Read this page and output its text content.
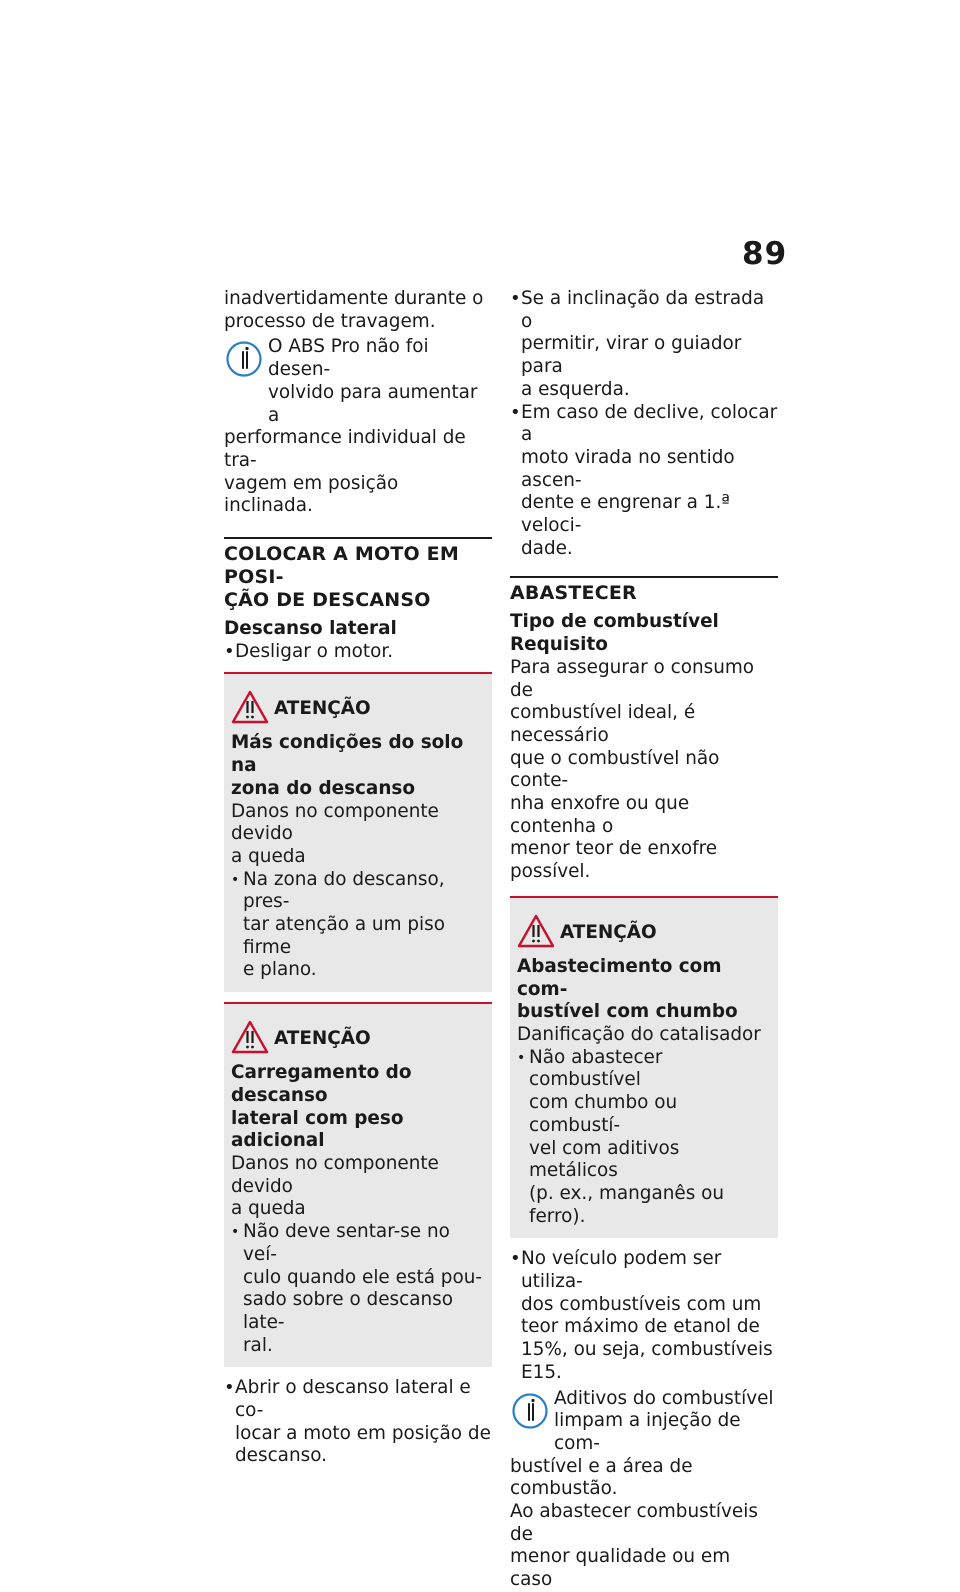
89

inadvertidamente durante o

processo de travagem.

O ABS Pro não foi desen-
volvido para aumentar a

performance individual de tra-

vagem em posição inclinada.

COLOCAR A MOTO EM POSI-
ÇÃO DE DESCANSO
Descanso lateral
• Desligar o motor.
ATENÇÃO
Más condições do solo na
zona do descanso

Danos no componente devido

a queda

• Na zona do descanso, pres-
tar atenção a um piso firme
e plano.
ATENÇÃO
Carregamento do descanso
lateral com peso adicional

Danos no componente devido

a queda

• Não deve sentar-se no veí-
culo quando ele está pou-
sado sobre o descanso late-
ral.
• Abrir o descanso lateral e co-
locar a moto em posição de
descanso.
• Se a inclinação da estrada o
permitir, virar o guiador para
a esquerda.
• Em caso de declive, colocar a
moto virada no sentido ascen-
dente e engrenar a 1.ª veloci-
dade.
ABASTECER
Tipo de combustível
Requisito

Para assegurar o consumo de

combustível ideal, é necessário

que o combustível não conte-

nha enxofre ou que contenha o

menor teor de enxofre possível.

ATENÇÃO
Abastecimento com com-
bustível com chumbo

Danificação do catalisador

• Não abastecer combustível
com chumbo ou combustí-
vel com aditivos metálicos
(p. ex., manganês ou ferro).
• No veículo podem ser utiliza-
dos combustíveis com um
teor máximo de etanol de
15%, ou seja, combustíveis
E15.
Aditivos do combustível
limpam a injeção de com-

bustível e a área de combustão.

Ao abastecer combustíveis de

menor qualidade ou em caso
